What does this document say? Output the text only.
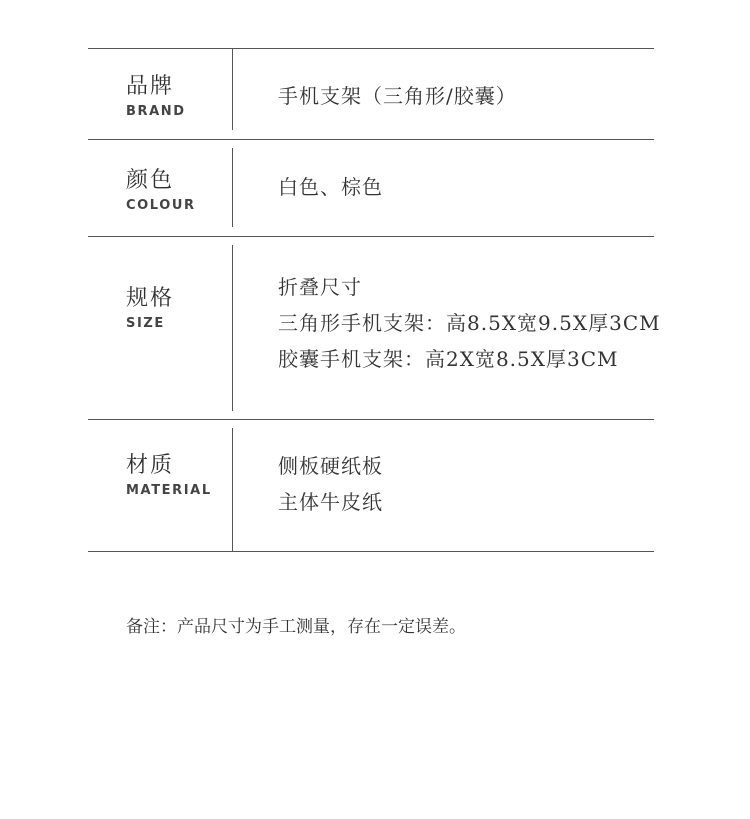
品牌
BRAND
手机支架（三角形/胶囊）
颜色
COLOUR
白色、棕色
规格
SIZE
折叠尺寸
三角形手机支架：高8.5X宽9.5X厚3CM
胶囊手机支架：高2X宽8.5X厚3CM
材质
MATERIAL
侧板硬纸板
主体牛皮纸
备注：产品尺寸为手工测量，存在一定误差。
